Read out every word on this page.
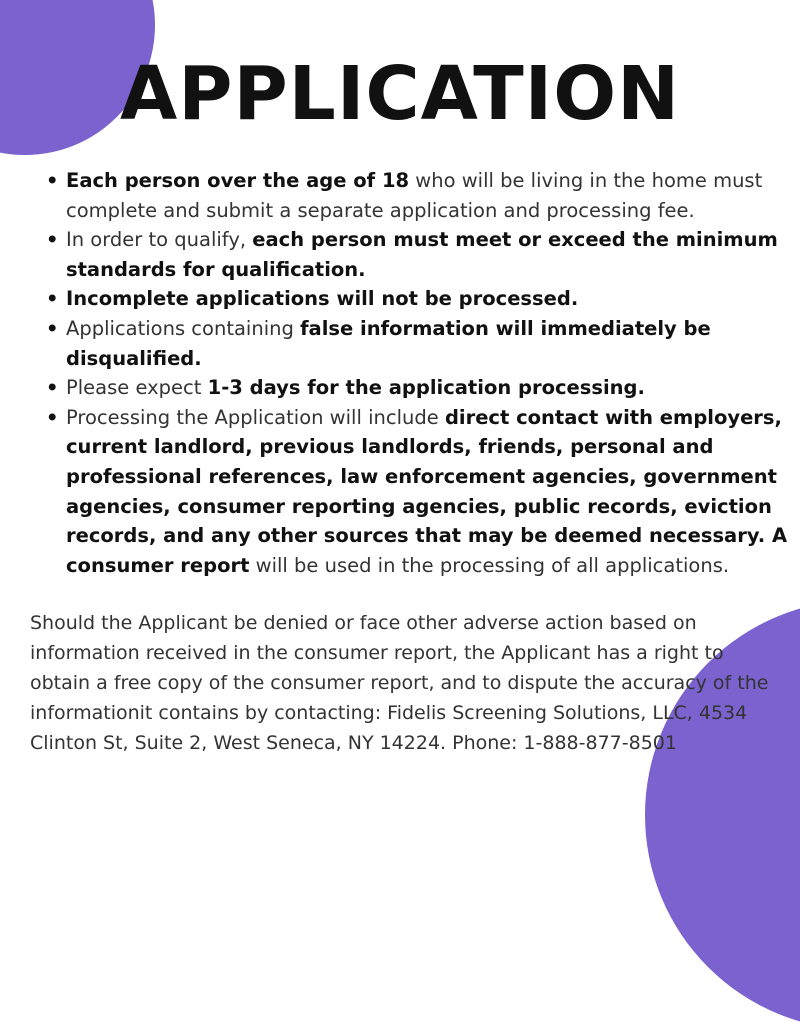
APPLICATION
• Each person over the age of 18 who will be living in the home must complete and submit a separate application and processing fee.
• In order to qualify, each person must meet or exceed the minimum standards for qualification.
• Incomplete applications will not be processed.
• Applications containing false information will immediately be disqualified.
• Please expect 1-3 days for the application processing.
• Processing the Application will include direct contact with employers, current landlord, previous landlords, friends, personal and professional references, law enforcement agencies, government agencies, consumer reporting agencies, public records, eviction records, and any other sources that may be deemed necessary. A consumer report will be used in the processing of all applications.

Should the Applicant be denied or face other adverse action based on information received in the consumer report, the Applicant has a right to obtain a free copy of the consumer report, and to dispute the accuracy of the informationit contains by contacting: Fidelis Screening Solutions, LLC, 4534 Clinton St, Suite 2, West Seneca, NY 14224. Phone: 1-888-877-8501
